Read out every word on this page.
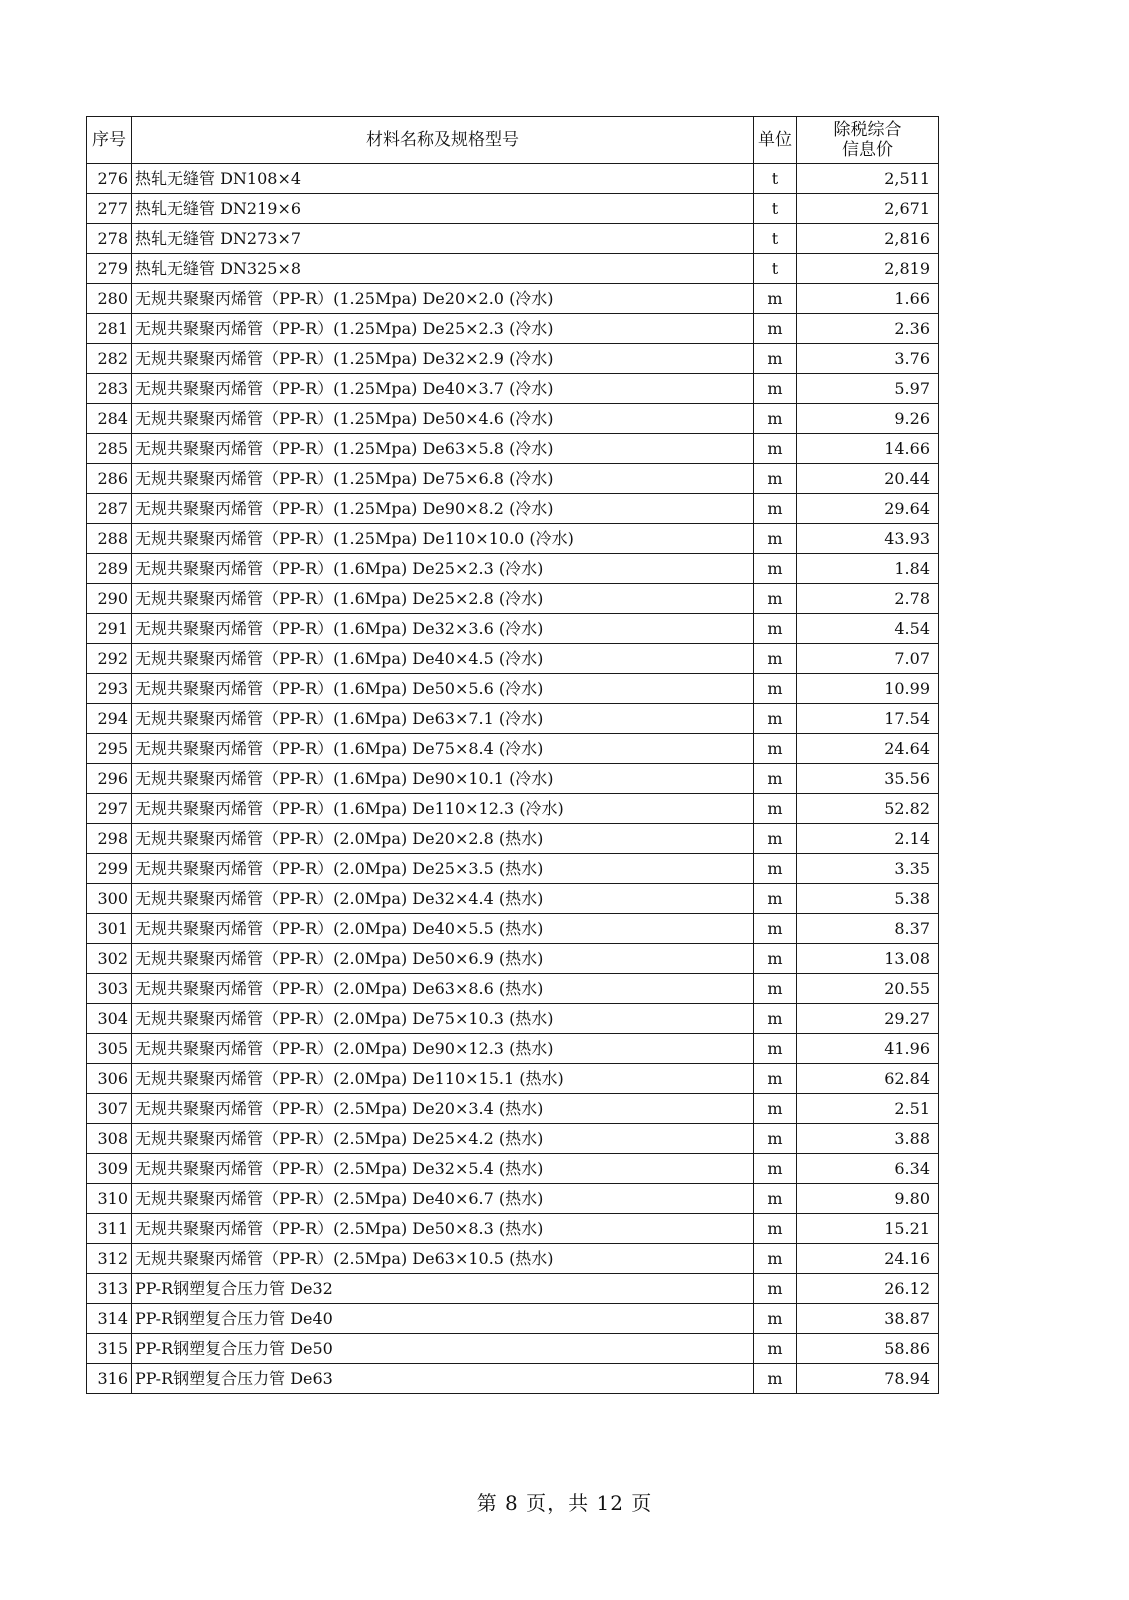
序号	材料名称及规格型号	单位	除税综合
信息价

276	热轧无缝管 DN108×4	t	2,511
277	热轧无缝管 DN219×6	t	2,671
278	热轧无缝管 DN273×7	t	2,816
279	热轧无缝管 DN325×8	t	2,819
280	无规共聚聚丙烯管（PP-R）(1.25Mpa) De20×2.0 (冷水)	m	1.66
281	无规共聚聚丙烯管（PP-R）(1.25Mpa) De25×2.3 (冷水)	m	2.36
282	无规共聚聚丙烯管（PP-R）(1.25Mpa) De32×2.9 (冷水)	m	3.76
283	无规共聚聚丙烯管（PP-R）(1.25Mpa) De40×3.7 (冷水)	m	5.97
284	无规共聚聚丙烯管（PP-R）(1.25Mpa) De50×4.6 (冷水)	m	9.26
285	无规共聚聚丙烯管（PP-R）(1.25Mpa) De63×5.8 (冷水)	m	14.66
286	无规共聚聚丙烯管（PP-R）(1.25Mpa) De75×6.8 (冷水)	m	20.44
287	无规共聚聚丙烯管（PP-R）(1.25Mpa) De90×8.2 (冷水)	m	29.64
288	无规共聚聚丙烯管（PP-R）(1.25Mpa) De110×10.0 (冷水)	m	43.93
289	无规共聚聚丙烯管（PP-R）(1.6Mpa) De25×2.3 (冷水)	m	1.84
290	无规共聚聚丙烯管（PP-R）(1.6Mpa) De25×2.8 (冷水)	m	2.78
291	无规共聚聚丙烯管（PP-R）(1.6Mpa) De32×3.6 (冷水)	m	4.54
292	无规共聚聚丙烯管（PP-R）(1.6Mpa) De40×4.5 (冷水)	m	7.07
293	无规共聚聚丙烯管（PP-R）(1.6Mpa) De50×5.6 (冷水)	m	10.99
294	无规共聚聚丙烯管（PP-R）(1.6Mpa) De63×7.1 (冷水)	m	17.54
295	无规共聚聚丙烯管（PP-R）(1.6Mpa) De75×8.4 (冷水)	m	24.64
296	无规共聚聚丙烯管（PP-R）(1.6Mpa) De90×10.1 (冷水)	m	35.56
297	无规共聚聚丙烯管（PP-R）(1.6Mpa) De110×12.3 (冷水)	m	52.82
298	无规共聚聚丙烯管（PP-R）(2.0Mpa) De20×2.8 (热水)	m	2.14
299	无规共聚聚丙烯管（PP-R）(2.0Mpa) De25×3.5 (热水)	m	3.35
300	无规共聚聚丙烯管（PP-R）(2.0Mpa) De32×4.4 (热水)	m	5.38
301	无规共聚聚丙烯管（PP-R）(2.0Mpa) De40×5.5 (热水)	m	8.37
302	无规共聚聚丙烯管（PP-R）(2.0Mpa) De50×6.9 (热水)	m	13.08
303	无规共聚聚丙烯管（PP-R）(2.0Mpa) De63×8.6 (热水)	m	20.55
304	无规共聚聚丙烯管（PP-R）(2.0Mpa) De75×10.3 (热水)	m	29.27
305	无规共聚聚丙烯管（PP-R）(2.0Mpa) De90×12.3 (热水)	m	41.96
306	无规共聚聚丙烯管（PP-R）(2.0Mpa) De110×15.1 (热水)	m	62.84
307	无规共聚聚丙烯管（PP-R）(2.5Mpa) De20×3.4 (热水)	m	2.51
308	无规共聚聚丙烯管（PP-R）(2.5Mpa) De25×4.2 (热水)	m	3.88
309	无规共聚聚丙烯管（PP-R）(2.5Mpa) De32×5.4 (热水)	m	6.34
310	无规共聚聚丙烯管（PP-R）(2.5Mpa) De40×6.7 (热水)	m	9.80
311	无规共聚聚丙烯管（PP-R）(2.5Mpa) De50×8.3 (热水)	m	15.21
312	无规共聚聚丙烯管（PP-R）(2.5Mpa) De63×10.5 (热水)	m	24.16
313	PP-R钢塑复合压力管 De32	m	26.12
314	PP-R钢塑复合压力管 De40	m	38.87
315	PP-R钢塑复合压力管 De50	m	58.86
316	PP-R钢塑复合压力管 De63	m	78.94
第 8 页，共 12 页
